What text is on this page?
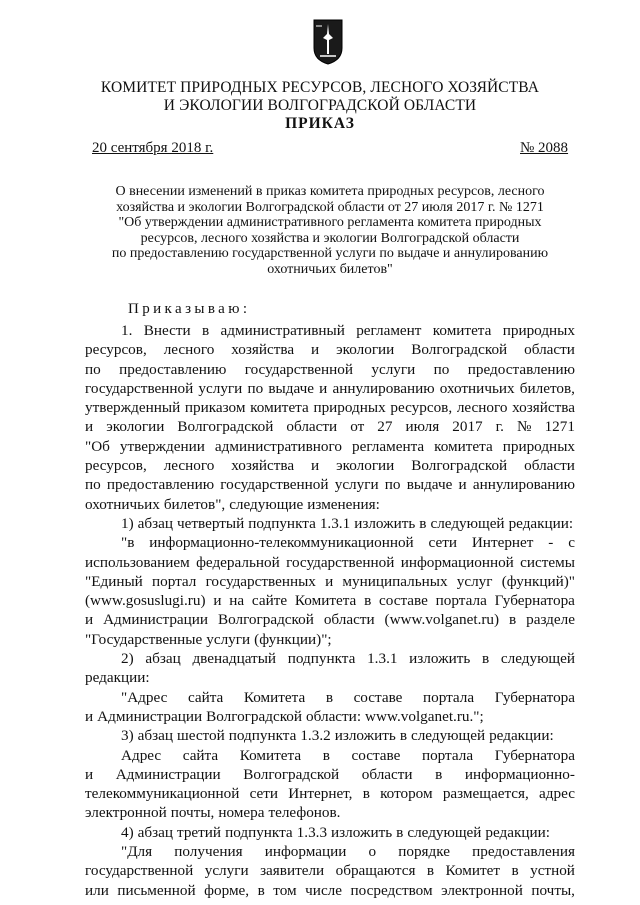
КОМИТЕТ ПРИРОДНЫХ РЕСУРСОВ, ЛЕСНОГО ХОЗЯЙСТВА
И ЭКОЛОГИИ ВОЛГОГРАДСКОЙ ОБЛАСТИ
ПРИКАЗ
20 сентября 2018 г.	№ 2088
О внесении изменений в приказ комитета природных ресурсов, лесного
хозяйства и экологии Волгоградской области от 27 июля 2017 г. № 1271
"Об утверждении административного регламента комитета природных
ресурсов, лесного хозяйства и экологии Волгоградской области
по предоставлению государственной услуги по выдаче и аннулированию
охотничьих билетов"
Приказываю:
1. Внести в административный регламент комитета природных
ресурсов, лесного хозяйства и экологии Волгоградской области
по предоставлению государственной услуги по предоставлению
государственной услуги по выдаче и аннулированию охотничьих билетов,
утвержденный приказом комитета природных ресурсов, лесного хозяйства
и экологии Волгоградской области от 27 июля 2017 г. № 1271
"Об утверждении административного регламента комитета природных
ресурсов, лесного хозяйства и экологии Волгоградской области
по предоставлению государственной услуги по выдаче и аннулированию
охотничьих билетов", следующие изменения:
1) абзац четвертый подпункта 1.3.1 изложить в следующей редакции:
"в информационно-телекоммуникационной сети Интернет - с
использованием федеральной государственной информационной системы
"Единый портал государственных и муниципальных услуг (функций)"
(www.gosuslugi.ru) и на сайте Комитета в составе портала Губернатора
и Администрации Волгоградской области (www.volganet.ru) в разделе
"Государственные услуги (функции)";
2) абзац двенадцатый подпункта 1.3.1 изложить в следующей
редакции:
"Адрес сайта Комитета в составе портала Губернатора
и Администрации Волгоградской области: www.volganet.ru.";
3) абзац шестой подпункта 1.3.2 изложить в следующей редакции:
Адрес сайта Комитета в составе портала Губернатора
и Администрации Волгоградской области в информационно-
телекоммуникационной сети Интернет, в котором размещается, адрес
электронной почты, номера телефонов.
4) абзац третий подпункта 1.3.3 изложить в следующей редакции:
"Для получения информации о порядке предоставления
государственной услуги заявители обращаются в Комитет в устной
или письменной форме, в том числе посредством электронной почты,
